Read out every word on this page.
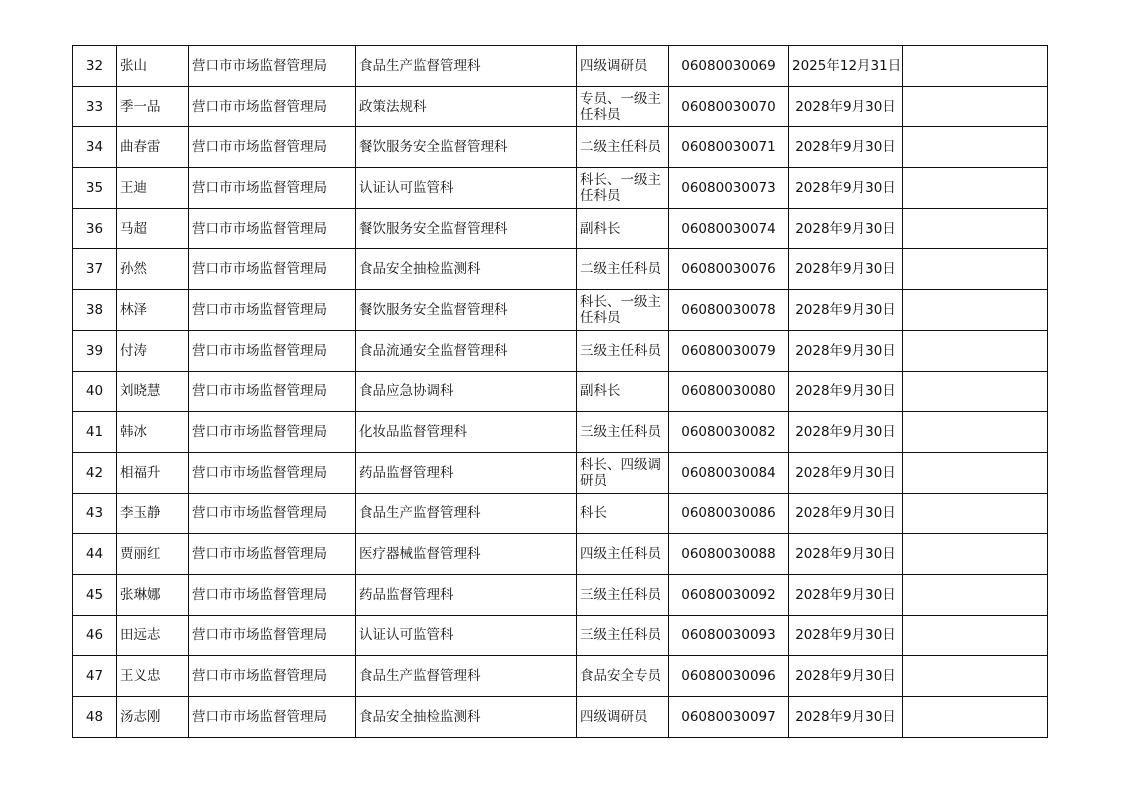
32	张山	营口市市场监督管理局	食品生产监督管理科	四级调研员	06080030069	2025年12月31日	
33	季一品	营口市市场监督管理局	政策法规科	专员、一级主任科员	06080030070	2028年9月30日	
34	曲春雷	营口市市场监督管理局	餐饮服务安全监督管理科	二级主任科员	06080030071	2028年9月30日	
35	王迪	营口市市场监督管理局	认证认可监管科	科长、一级主任科员	06080030073	2028年9月30日	
36	马超	营口市市场监督管理局	餐饮服务安全监督管理科	副科长	06080030074	2028年9月30日	
37	孙然	营口市市场监督管理局	食品安全抽检监测科	二级主任科员	06080030076	2028年9月30日	
38	林泽	营口市市场监督管理局	餐饮服务安全监督管理科	科长、一级主任科员	06080030078	2028年9月30日	
39	付涛	营口市市场监督管理局	食品流通安全监督管理科	三级主任科员	06080030079	2028年9月30日	
40	刘晓慧	营口市市场监督管理局	食品应急协调科	副科长	06080030080	2028年9月30日	
41	韩冰	营口市市场监督管理局	化妆品监督管理科	三级主任科员	06080030082	2028年9月30日	
42	相福升	营口市市场监督管理局	药品监督管理科	科长、四级调研员	06080030084	2028年9月30日	
43	李玉静	营口市市场监督管理局	食品生产监督管理科	科长	06080030086	2028年9月30日	
44	贾丽红	营口市市场监督管理局	医疗器械监督管理科	四级主任科员	06080030088	2028年9月30日	
45	张琳娜	营口市市场监督管理局	药品监督管理科	三级主任科员	06080030092	2028年9月30日	
46	田远志	营口市市场监督管理局	认证认可监管科	三级主任科员	06080030093	2028年9月30日	
47	王义忠	营口市市场监督管理局	食品生产监督管理科	食品安全专员	06080030096	2028年9月30日	
48	汤志刚	营口市市场监督管理局	食品安全抽检监测科	四级调研员	06080030097	2028年9月30日	
